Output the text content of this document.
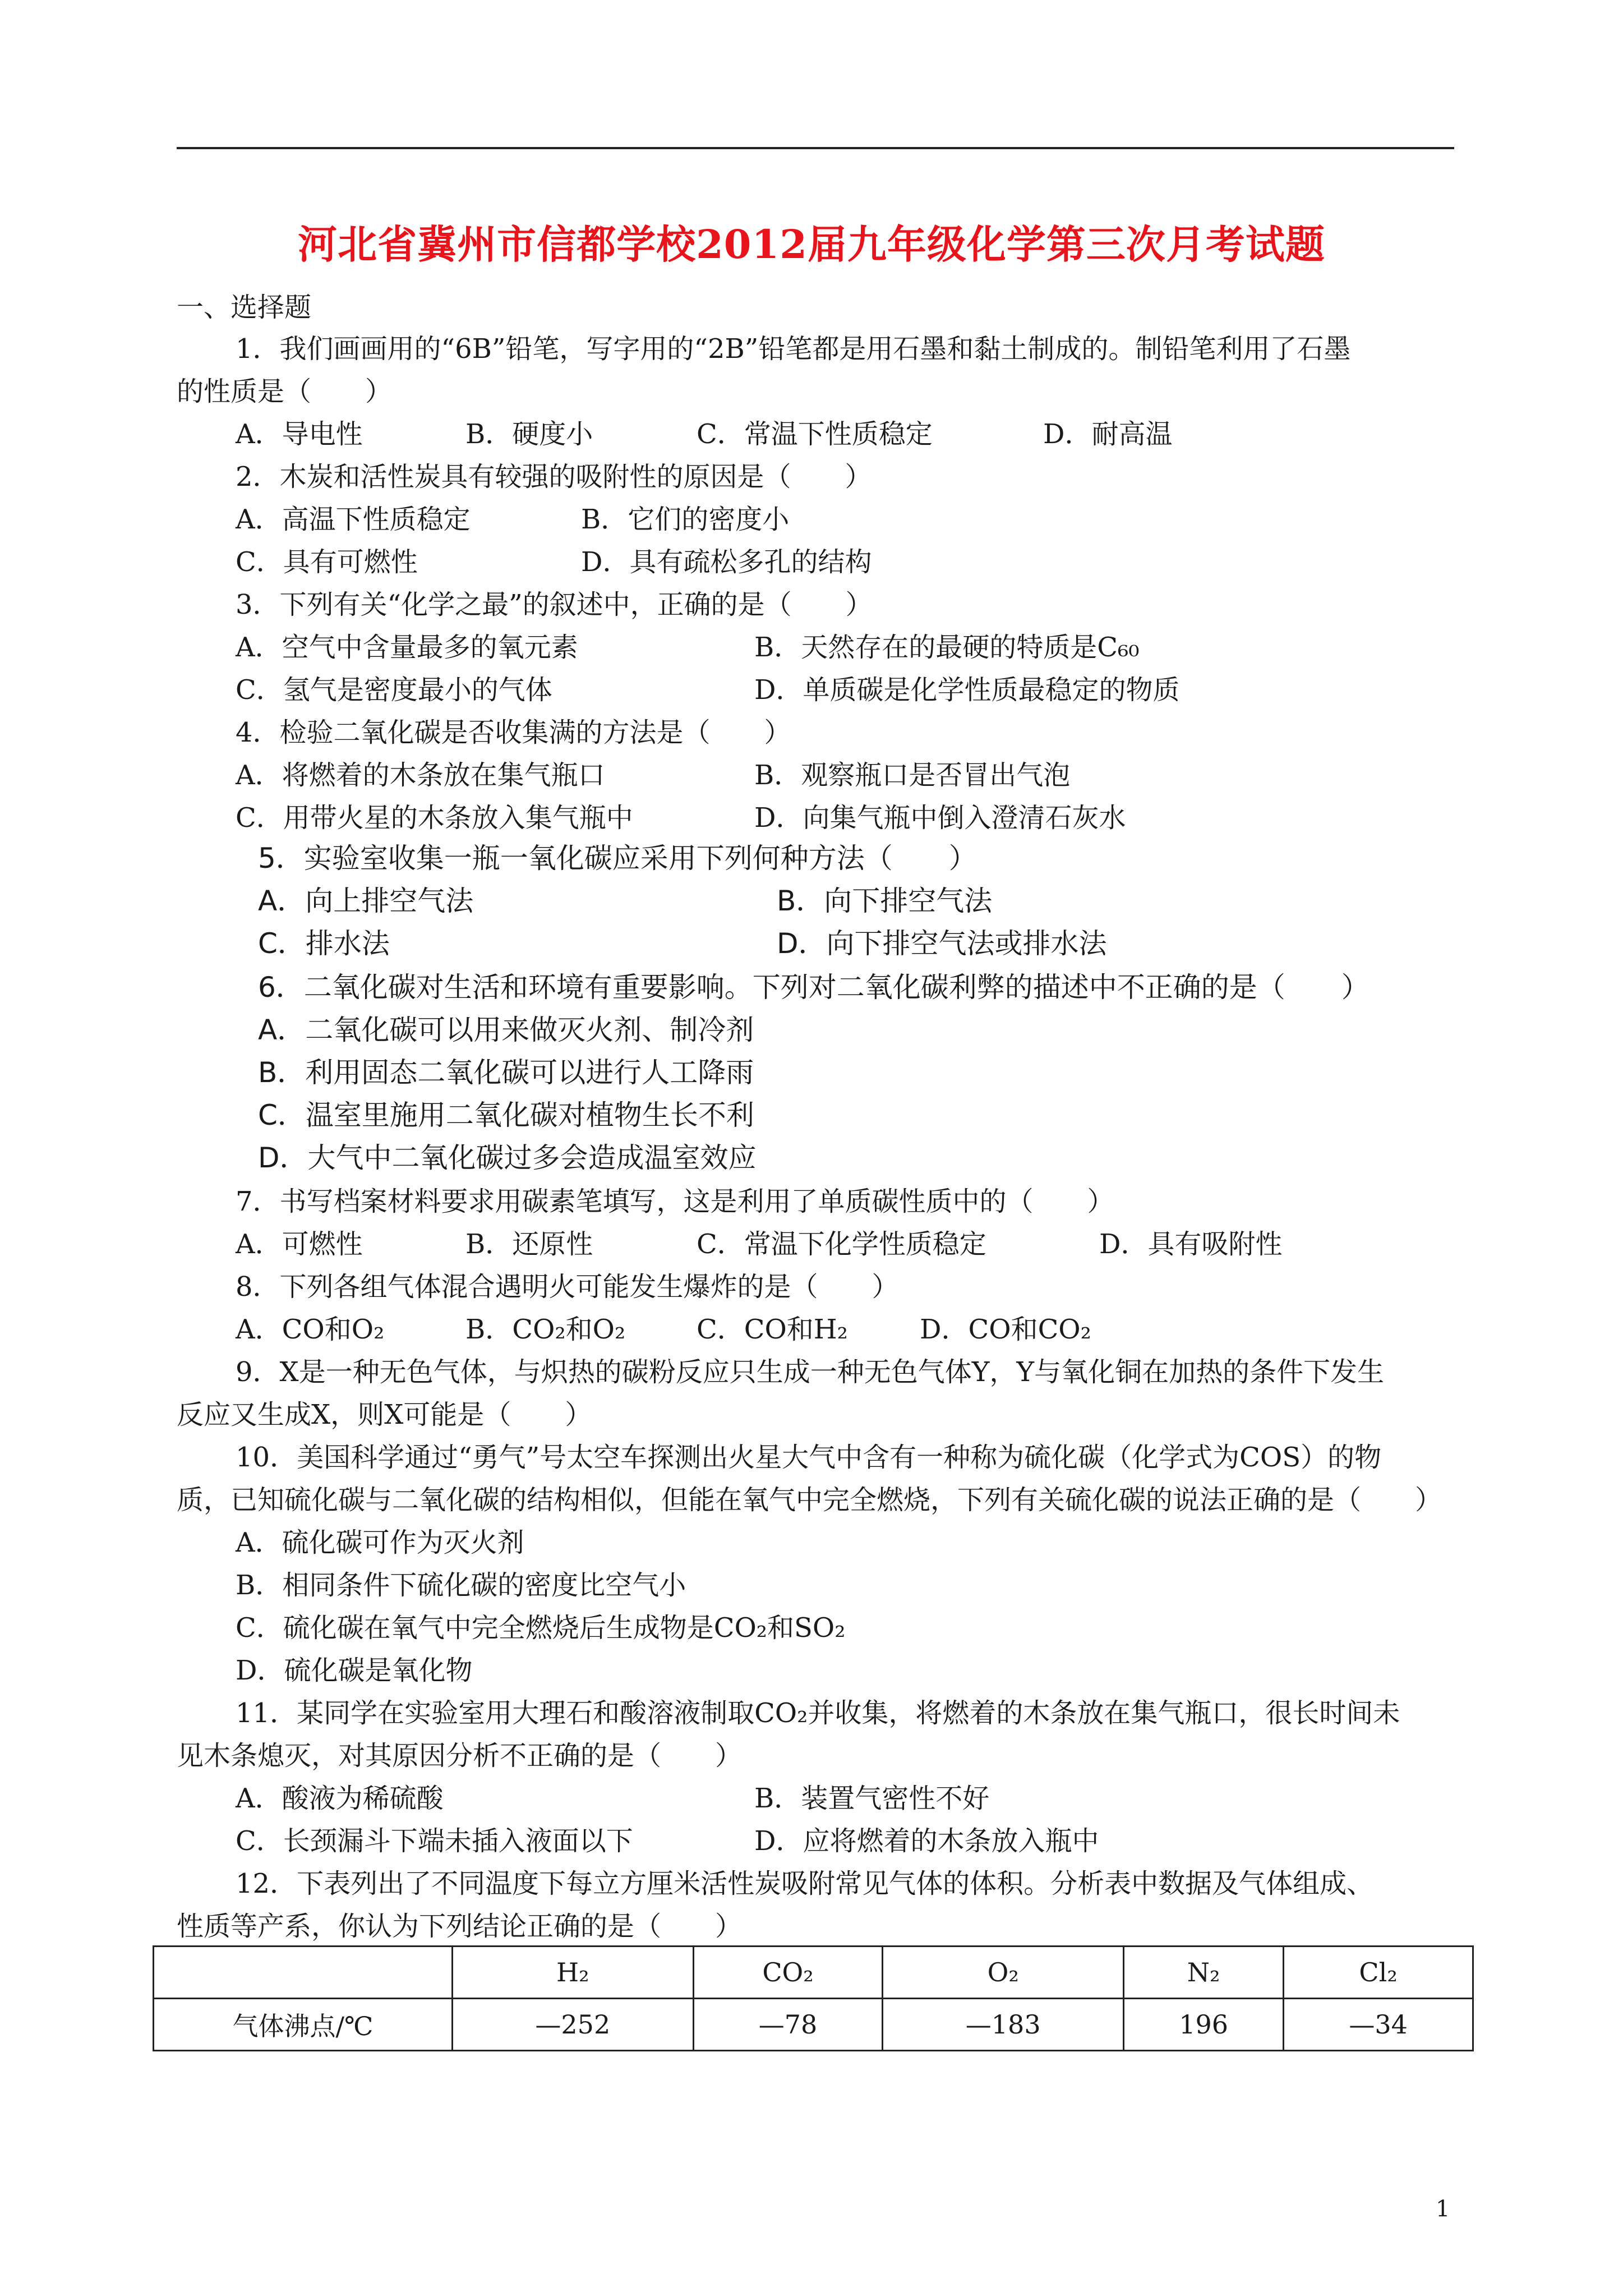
河北省冀州市信都学校2012届九年级化学第三次月考试题
一、选择题
1．我们画画用的“6B”铅笔，写字用的“2B”铅笔都是用石墨和黏土制成的。制铅笔利用了石墨
的性质是（　　）
A．导电性	B．硬度小	C．常温下性质稳定	D．耐高温
2．木炭和活性炭具有较强的吸附性的原因是（　　）
A．高温下性质稳定	B．它们的密度小
C．具有可燃性	D．具有疏松多孔的结构
3．下列有关“化学之最”的叙述中，正确的是（　　）
A．空气中含量最多的氧元素	B．天然存在的最硬的特质是C₆₀
C．氢气是密度最小的气体	D．单质碳是化学性质最稳定的物质
4．检验二氧化碳是否收集满的方法是（　　）
A．将燃着的木条放在集气瓶口	B．观察瓶口是否冒出气泡
C．用带火星的木条放入集气瓶中	D．向集气瓶中倒入澄清石灰水
5．实验室收集一瓶一氧化碳应采用下列何种方法（　　）
A．向上排空气法	B．向下排空气法
C．排水法	D．向下排空气法或排水法
6．二氧化碳对生活和环境有重要影响。下列对二氧化碳利弊的描述中不正确的是（　　）
A．二氧化碳可以用来做灭火剂、制冷剂
B．利用固态二氧化碳可以进行人工降雨
C．温室里施用二氧化碳对植物生长不利
D．大气中二氧化碳过多会造成温室效应
7．书写档案材料要求用碳素笔填写，这是利用了单质碳性质中的（　　）
A．可燃性	B．还原性	C．常温下化学性质稳定	D．具有吸附性
8．下列各组气体混合遇明火可能发生爆炸的是（　　）
A．CO和O₂	B．CO₂和O₂	C．CO和H₂	D．CO和CO₂
9．X是一种无色气体，与炽热的碳粉反应只生成一种无色气体Y，Y与氧化铜在加热的条件下发生
反应又生成X，则X可能是（　　）
10．美国科学通过“勇气”号太空车探测出火星大气中含有一种称为硫化碳（化学式为COS）的物
质，已知硫化碳与二氧化碳的结构相似，但能在氧气中完全燃烧，下列有关硫化碳的说法正确的是（　　）
A．硫化碳可作为灭火剂
B．相同条件下硫化碳的密度比空气小
C．硫化碳在氧气中完全燃烧后生成物是CO₂和SO₂
D．硫化碳是氧化物
11．某同学在实验室用大理石和酸溶液制取CO₂并收集，将燃着的木条放在集气瓶口，很长时间未
见木条熄灭，对其原因分析不正确的是（　　）
A．酸液为稀硫酸	B．装置气密性不好
C．长颈漏斗下端未插入液面以下	D．应将燃着的木条放入瓶中
12．下表列出了不同温度下每立方厘米活性炭吸附常见气体的体积。分析表中数据及气体组成、
性质等产系，你认为下列结论正确的是（　　）
	H₂	CO₂	O₂	N₂	Cl₂
气体沸点/℃	—252	—78	—183	196	—34
1
